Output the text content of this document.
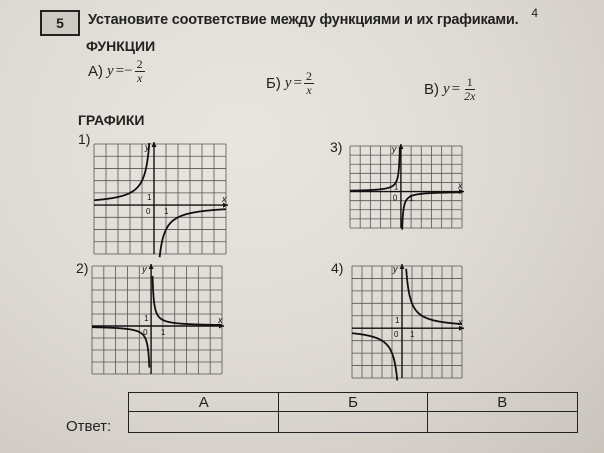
5
4
Установите соответствие между функциями и их графиками.
ФУНКЦИИ
А) y = − $\frac{2}{x}$	Б) $y = \frac{2}{x}$	В) $y = \frac{1}{2x}$
ГРАФИКИ
1)
2)
3)
4)
y
x
0
1
1
y
x
0
1
1
y
x
0
1
1
y
x
0
1
1
Ответ:
А	Б	В
